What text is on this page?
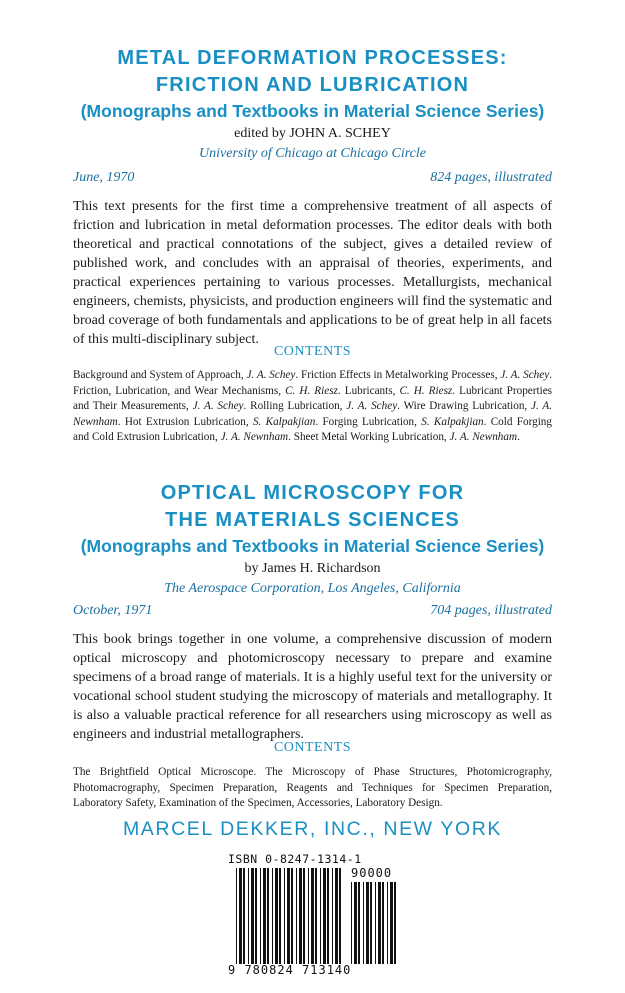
METAL DEFORMATION PROCESSES:
FRICTION AND LUBRICATION
(Monographs and Textbooks in Material Science Series)
edited by JOHN A. SCHEY
University of Chicago at Chicago Circle
June, 1970	824 pages, illustrated
This text presents for the first time a comprehensive treatment of all aspects of friction and lubrication in metal deformation processes. The editor deals with both theoretical and practical connotations of the subject, gives a detailed review of published work, and concludes with an appraisal of theories, experiments, and practical experiences pertaining to various processes. Metallurgists, mechanical engineers, chemists, physicists, and production engineers will find the systematic and broad coverage of both fundamentals and applications to be of great help in all facets of this multi-disciplinary subject.
CONTENTS
Background and System of Approach, J. A. Schey. Friction Effects in Metalworking Processes, J. A. Schey. Friction, Lubrication, and Wear Mechanisms, C. H. Riesz. Lubricants, C. H. Riesz. Lubricant Properties and Their Measurements, J. A. Schey. Rolling Lubrication, J. A. Schey. Wire Drawing Lubrication, J. A. Newnham. Hot Extrusion Lubrication, S. Kalpakjian. Forging Lubrication, S. Kalpakjian. Cold Forging and Cold Extrusion Lubrication, J. A. Newnham. Sheet Metal Working Lubrication, J. A. Newnham.
OPTICAL MICROSCOPY FOR
THE MATERIALS SCIENCES
(Monographs and Textbooks in Material Science Series)
by James H. Richardson
The Aerospace Corporation, Los Angeles, California
October, 1971	704 pages, illustrated
This book brings together in one volume, a comprehensive discussion of modern optical microscopy and photomicroscopy necessary to prepare and examine specimens of a broad range of materials. It is a highly useful text for the university or vocational school student studying the microscopy of materials and metallography. It is also a valuable practical reference for all researchers using microscopy as well as engineers and industrial metallographers.
CONTENTS
The Brightfield Optical Microscope. The Microscopy of Phase Structures, Photomicrography, Photomacrography, Specimen Preparation, Reagents and Techniques for Specimen Preparation, Laboratory Safety, Examination of the Specimen, Accessories, Laboratory Design.
MARCEL DEKKER, INC., NEW YORK
ISBN 0-8247-1314-1
90000
9 780824 713140
